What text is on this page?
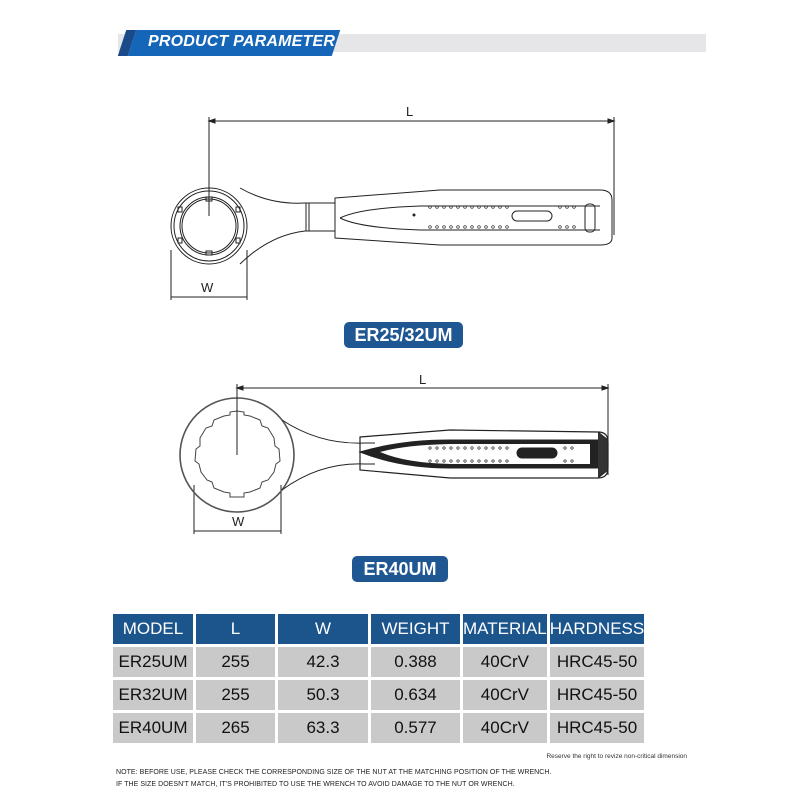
PRODUCT PARAMETER
L
W
ER25/32UM
L
W
ER40UM
MODEL	L	W	WEIGHT	MATERIAL	HARDNESS
ER25UM	255	42.3	0.388	40CrV	HRC45-50
ER32UM	255	50.3	0.634	40CrV	HRC45-50
ER40UM	265	63.3	0.577	40CrV	HRC45-50
Reserve the right to revize non-critical dimension
NOTE: BEFORE USE, PLEASE CHECK THE CORRESPONDING SIZE OF THE NUT AT THE MATCHING POSITION OF THE WRENCH.
IF THE SIZE DOESN'T MATCH, IT'S PROHIBITED TO USE THE WRENCH TO AVOID DAMAGE TO THE NUT OR WRENCH.
